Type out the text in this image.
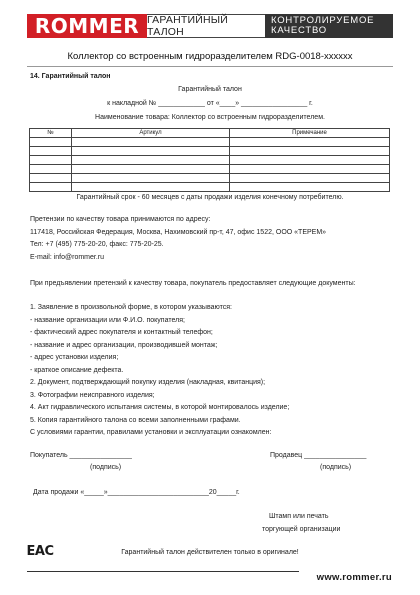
ROMMER ГАРАНТИЙНЫЙ ТАЛОН
КОНТРОЛИРУЕМОЕ
КАЧЕСТВО
Коллектор со встроенным гидроразделителем RDG-0018-xxxxxx
14. Гарантийный талон
Гарантийный талон
к накладной № ____________ от «____» _________________ г.
Наименование товара: Коллектор со встроенным гидроразделителем.
№	Артикул	Примечание

Гарантийный срок - 60 месяцев с даты продажи изделия конечному потребителю.
Претензии по качеству товара принимаются по адресу:
117418, Российская Федерация, Москва, Нахимовский пр-т, 47, офис 1522, ООО «ТЕРЕМ»
Тел: +7 (495) 775-20-20, факс: 775-20-25.
E-mail: info@rommer.ru
При предъявлении претензий к качеству товара, покупатель предоставляет следующие документы:
1. Заявление в произвольной форме, в котором указываются:
- название организации или Ф.И.О. покупателя;
- фактический адрес покупателя и контактный телефон;
- название и адрес организации, производившей монтаж;
- адрес установки изделия;
- краткое описание дефекта.
2. Документ, подтверждающий покупку изделия (накладная, квитанция);
3. Фотографии неисправного изделия;
4. Акт гидравлического испытания системы, в которой монтировалось изделие;
5. Копия гарантийного талона со всеми заполненными графами.
С условиями гарантии, правилами установки и эксплуатации ознакомлен:
Покупатель ________________
(подпись)
Продавец ________________
(подпись)
Дата продажи «_____»__________________________20_____г.
Штамп или печать
торгующей организации
EAC	Гарантийный талон действителен только в оригинале!
www.rommer.ru
